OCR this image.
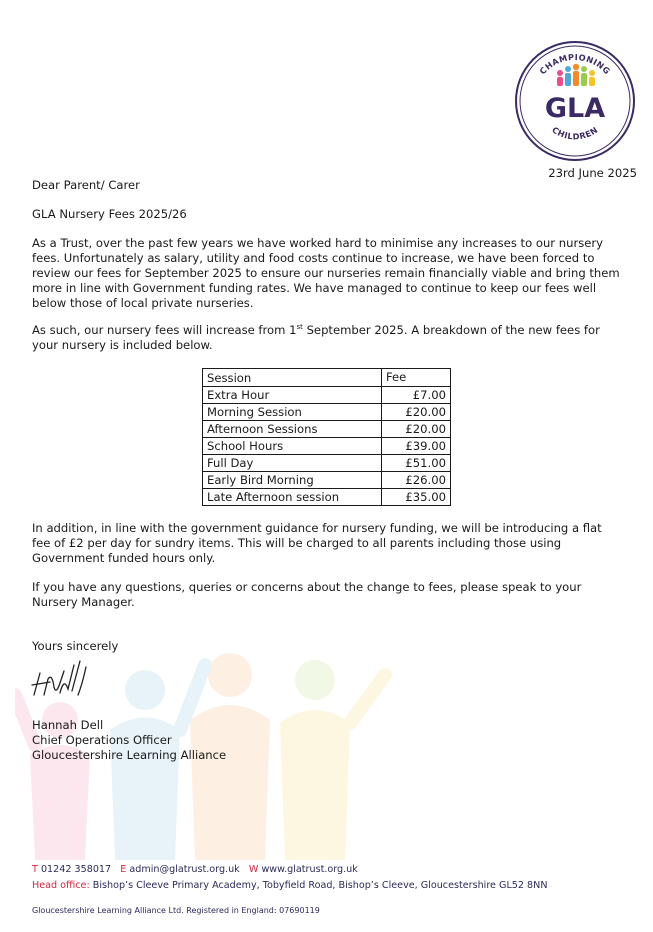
CHAMPIONING
CHILDREN
GLA
23rd June 2025
Dear Parent/ Carer
GLA Nursery Fees 2025/26

As a Trust, over the past few years we have worked hard to minimise any increases to our nursery fees. Unfortunately as salary, utility and food costs continue to increase, we have been forced to review our fees for September 2025 to ensure our nurseries remain financially viable and bring them more in line with Government funding rates. We have managed to continue to keep our fees well below those of local private nurseries.

As such, our nursery fees will increase from 1st September 2025. A breakdown of the new fees for your nursery is included below.

Session	Fee
Extra Hour	£7.00
Morning Session	£20.00
Afternoon Sessions	£20.00
School Hours	£39.00
Full Day	£51.00
Early Bird Morning	£26.00
Late Afternoon session	£35.00

In addition, in line with the government guidance for nursery funding, we will be introducing a flat fee of £2 per day for sundry items. This will be charged to all parents including those using Government funded hours only.

If you have any questions, queries or concerns about the change to fees, please speak to your Nursery Manager.

Yours sincerely
Hannah Dell
Chief Operations Officer
Gloucestershire Learning Alliance
T 01242 358017 E admin@glatrust.org.uk W www.glatrust.org.uk
Head office: Bishop’s Cleeve Primary Academy, Tobyfield Road, Bishop’s Cleeve, Gloucestershire GL52 8NN
Gloucestershire Learning Alliance Ltd. Registered in England: 07690119
